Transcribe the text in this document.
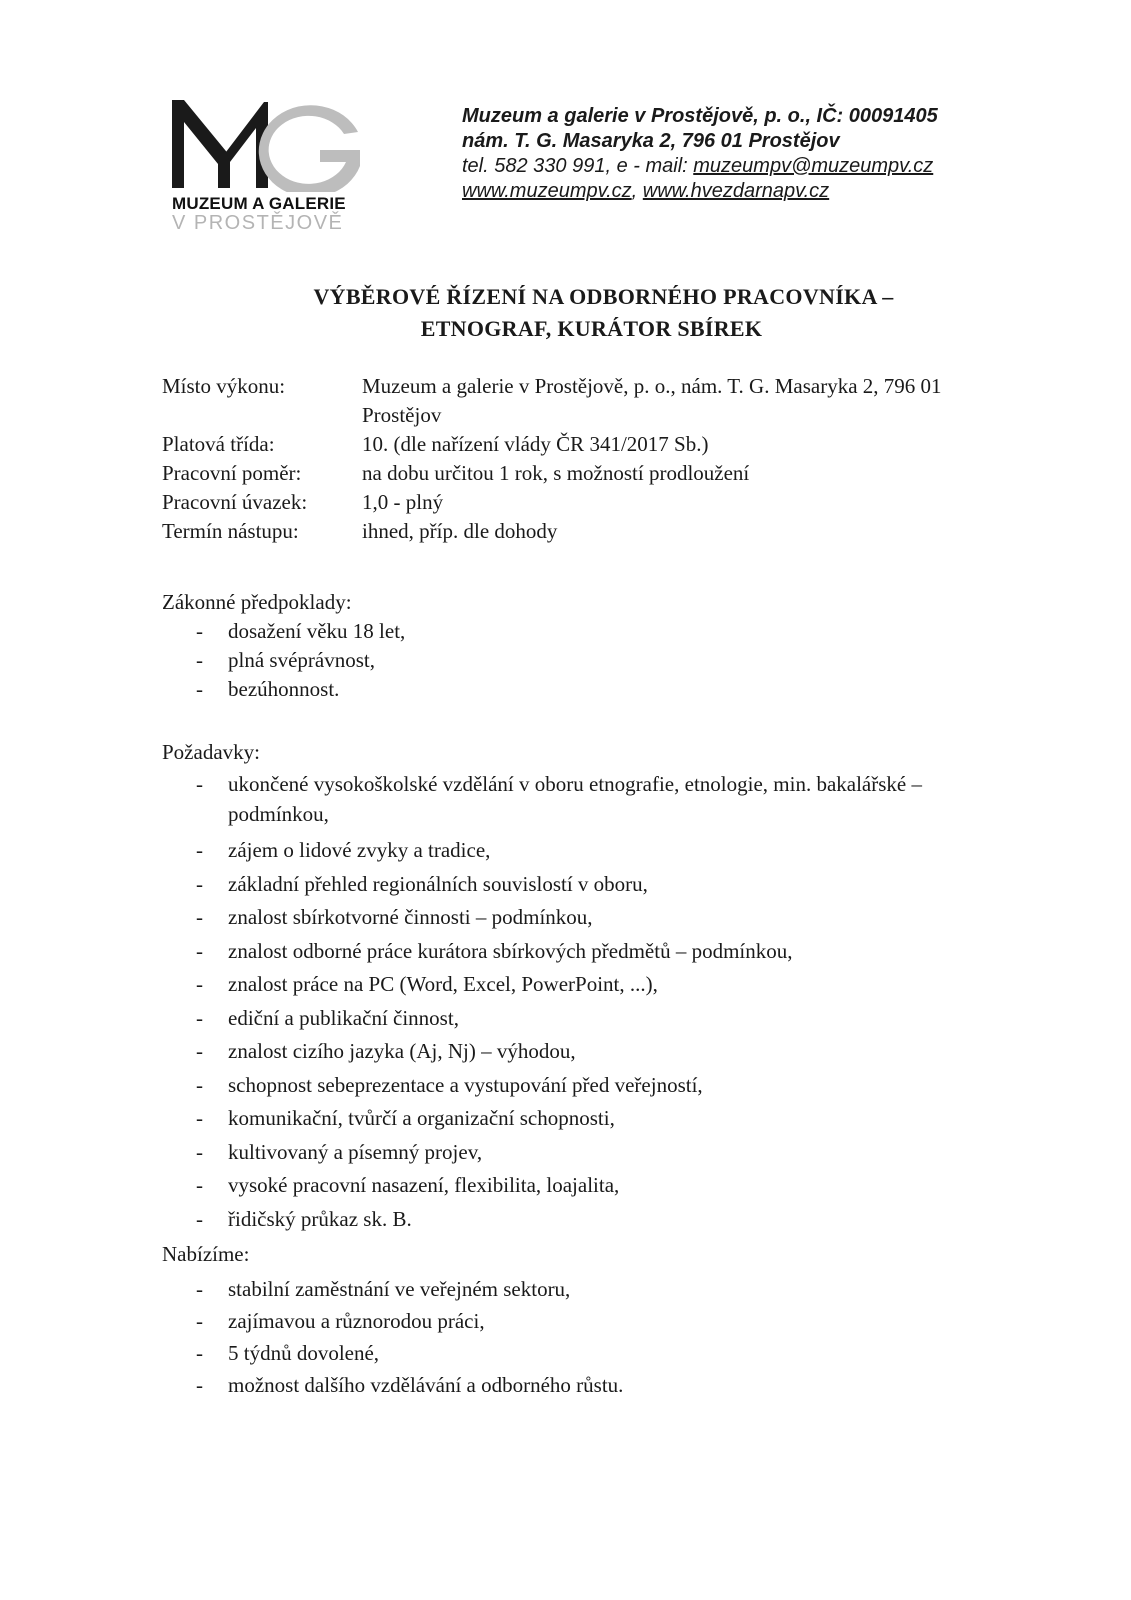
MUZEUM A GALERIE
V PROSTĚJOVĚ
Muzeum a galerie v Prostějově, p. o., IČ: 00091405
nám. T. G. Masaryka 2, 796 01 Prostějov
tel. 582 330 991, e - mail: muzeumpv@muzeumpv.cz
www.muzeumpv.cz, www.hvezdarnapv.cz
VÝBĚROVÉ ŘÍZENÍ NA ODBORNÉHO PRACOVNÍKA –
ETNOGRAF, KURÁTOR SBÍREK
Místo výkonu:	Muzeum a galerie v Prostějově, p. o., nám. T. G. Masaryka 2, 796 01 Prostějov
Platová třída:	10. (dle nařízení vlády ČR 341/2017 Sb.)
Pracovní poměr:	na dobu určitou 1 rok, s možností prodloužení
Pracovní úvazek:	1,0 - plný
Termín nástupu:	ihned, příp. dle dohody
Zákonné předpoklady:
- dosažení věku 18 let,
- plná svéprávnost,
- bezúhonnost.
Požadavky:
- ukončené vysokoškolské vzdělání v oboru etnografie, etnologie, min. bakalářské – podmínkou,
- zájem o lidové zvyky a tradice,
- základní přehled regionálních souvislostí v oboru,
- znalost sbírkotvorné činnosti – podmínkou,
- znalost odborné práce kurátora sbírkových předmětů – podmínkou,
- znalost práce na PC (Word, Excel, PowerPoint, ...),
- ediční a publikační činnost,
- znalost cizího jazyka (Aj, Nj) – výhodou,
- schopnost sebeprezentace a vystupování před veřejností,
- komunikační, tvůrčí a organizační schopnosti,
- kultivovaný a písemný projev,
- vysoké pracovní nasazení, flexibilita, loajalita,
- řidičský průkaz sk. B.
Nabízíme:
- stabilní zaměstnání ve veřejném sektoru,
- zajímavou a různorodou práci,
- 5 týdnů dovolené,
- možnost dalšího vzdělávání a odborného růstu.
